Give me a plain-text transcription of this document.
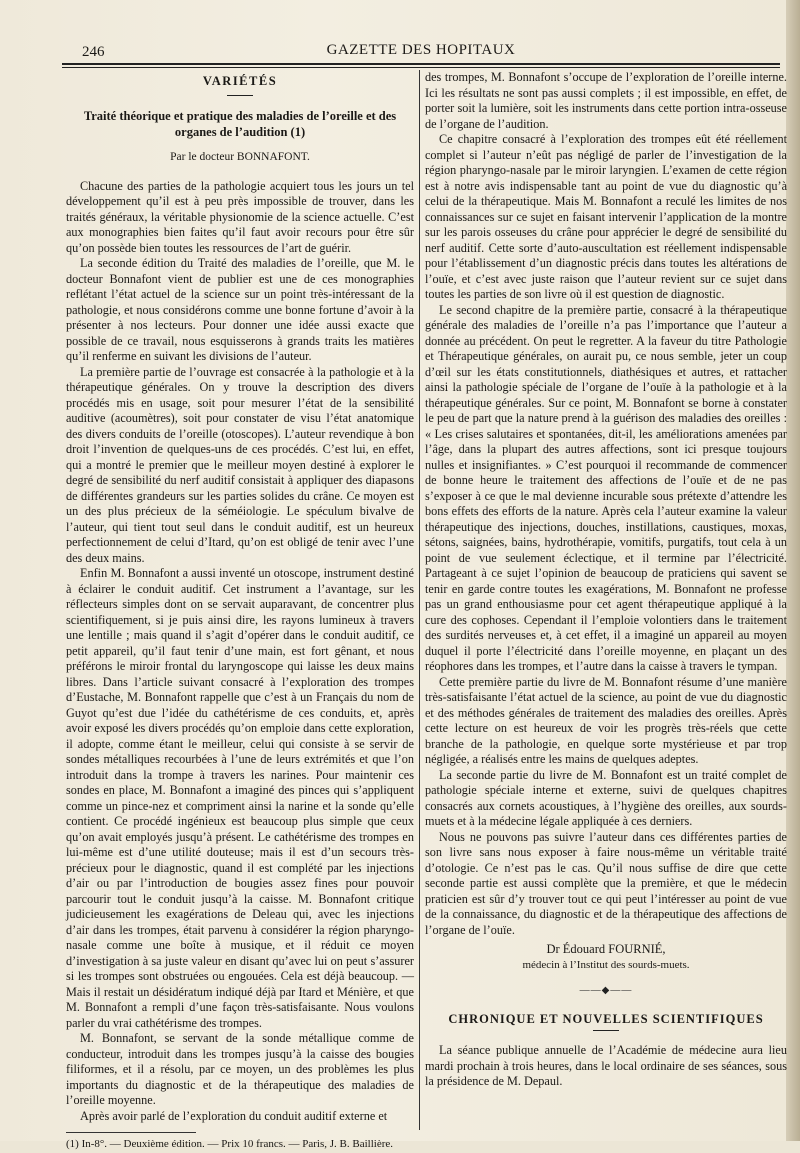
246	GAZETTE DES HOPITAUX
VARIÉTÉS

Traité théorique et pratique des maladies de l’oreille et des organes de l’audition (1)

Par le docteur BONNAFONT.

Chacune des parties de la pathologie acquiert tous les jours un tel développement qu’il est à peu près impossible de trouver, dans les traités généraux, la véritable physionomie de la science actuelle. C’est aux monographies bien faites qu’il faut avoir recours pour être sûr qu’on possède bien toutes les ressources de l’art de guérir.

La seconde édition du Traité des maladies de l’oreille, que M. le docteur Bonnafont vient de publier est une de ces monographies reflétant l’état actuel de la science sur un point très-intéressant de la pathologie, et nous considérons comme une bonne fortune d’avoir à la présenter à nos lecteurs. Pour donner une idée aussi exacte que possible de ce travail, nous esquisserons à grands traits les matières qu’il renferme en suivant les divisions de l’auteur.

La première partie de l’ouvrage est consacrée à la pathologie et à la thérapeutique générales. On y trouve la description des divers procédés mis en usage, soit pour mesurer l’état de la sensibilité auditive (acoumètres), soit pour constater de visu l’état anatomique des divers conduits de l’oreille (otoscopes). L’auteur revendique à bon droit l’invention de quelques-uns de ces procédés. C’est lui, en effet, qui a montré le premier que le meilleur moyen destiné à explorer le degré de sensibilité du nerf auditif consistait à appliquer des diapasons de différentes grandeurs sur les parties solides du crâne. Ce moyen est un des plus précieux de la séméiologie. Le spéculum bivalve de l’auteur, qui tient tout seul dans le conduit auditif, est un heureux perfectionnement de celui d’Itard, qu’on est obligé de tenir avec l’une des deux mains.

Enfin M. Bonnafont a aussi inventé un otoscope, instrument destiné à éclairer le conduit auditif. Cet instrument a l’avantage, sur les réflecteurs simples dont on se servait auparavant, de concentrer plus scientifiquement, si je puis ainsi dire, les rayons lumineux à travers une lentille ; mais quand il s’agit d’opérer dans le conduit auditif, ce petit appareil, qu’il faut tenir d’une main, est fort gênant, et nous préférons le miroir frontal du laryngoscope qui laisse les deux mains libres. Dans l’article suivant consacré à l’exploration des trompes d’Eustache, M. Bonnafont rappelle que c’est à un Français du nom de Guyot qu’est due l’idée du cathétérisme de ces conduits, et, après avoir exposé les divers procédés qu’on emploie dans cette exploration, il adopte, comme étant le meilleur, celui qui consiste à se servir de sondes métalliques recourbées à l’une de leurs extrémités et que l’on introduit dans la trompe à travers les narines. Pour maintenir ces sondes en place, M. Bonnafont a imaginé des pinces qui s’appliquent comme un pince-nez et compriment ainsi la narine et la sonde qu’elle contient. Ce procédé ingénieux est beaucoup plus simple que ceux qu’on avait employés jusqu’à présent. Le cathétérisme des trompes en lui-même est d’une utilité douteuse; mais il est d’un secours très-précieux pour le diagnostic, quand il est complété par les injections d’air ou par l’introduction de bougies assez fines pour pouvoir parcourir tout le conduit jusqu’à la caisse. M. Bonnafont critique judicieusement les exagérations de Deleau qui, avec les injections d’air dans les trompes, était parvenu à considérer la région pharyngo-nasale comme une boîte à musique, et il réduit ce moyen d’investigation à sa juste valeur en disant qu’avec lui on peut s’assurer si les trompes sont obstruées ou engouées. Cela est déjà beaucoup. — Mais il restait un désidératum indiqué déjà par Itard et Ménière, et que M. Bonnafont a rempli d’une façon très-satisfaisante. Nous voulons parler du vrai cathétérisme des trompes.

M. Bonnafont, se servant de la sonde métallique comme de conducteur, introduit dans les trompes jusqu’à la caisse des bougies filiformes, et il a résolu, par ce moyen, un des problèmes les plus importants du diagnostic et de la thérapeutique des maladies de l’oreille moyenne.

Après avoir parlé de l’exploration du conduit auditif externe et

(1) In-8°. — Deuxième édition. — Prix 10 francs. — Paris, J. B. Baillière.

des trompes, M. Bonnafont s’occupe de l’exploration de l’oreille interne. Ici les résultats ne sont pas aussi complets ; il est impossible, en effet, de porter soit la lumière, soit les instruments dans cette portion intra-osseuse de l’organe de l’audition.

Ce chapitre consacré à l’exploration des trompes eût été réellement complet si l’auteur n’eût pas négligé de parler de l’investigation de la région pharyngo-nasale par le miroir laryngien. L’examen de cette région est à notre avis indispensable tant au point de vue du diagnostic qu’à celui de la thérapeutique. Mais M. Bonnafont a reculé les limites de nos connaissances sur ce sujet en faisant intervenir l’application de la montre sur les parois osseuses du crâne pour apprécier le degré de sensibilité du nerf auditif. Cette sorte d’auto-auscultation est réellement indispensable pour l’établissement d’un diagnostic précis dans toutes les altérations de l’ouïe, et c’est avec juste raison que l’auteur revient sur ce sujet dans toutes les parties de son livre où il est question de diagnostic.

Le second chapitre de la première partie, consacré à la thérapeutique générale des maladies de l’oreille n’a pas l’importance que l’auteur a donnée au précédent. On peut le regretter. A la faveur du titre Pathologie et Thérapeutique générales, on aurait pu, ce nous semble, jeter un coup d’œil sur les états constitutionnels, diathésiques et autres, et rattacher ainsi la pathologie spéciale de l’organe de l’ouïe à la pathologie et à la thérapeutique générales. Sur ce point, M. Bonnafont se borne à constater le peu de part que la nature prend à la guérison des maladies des oreilles : « Les crises salutaires et spontanées, dit-il, les améliorations amenées par l’âge, dans la plupart des autres affections, sont ici presque toujours nulles et insignifiantes. » C’est pourquoi il recommande de commencer de bonne heure le traitement des affections de l’ouïe et de ne pas s’exposer à ce que le mal devienne incurable sous prétexte d’attendre les bons effets des efforts de la nature. Après cela l’auteur examine la valeur thérapeutique des injections, douches, instillations, caustiques, moxas, sétons, saignées, bains, hydrothérapie, vomitifs, purgatifs, tout cela à un point de vue seulement éclectique, et il termine par l’électricité. Partageant à ce sujet l’opinion de beaucoup de praticiens qui savent se tenir en garde contre toutes les exagérations, M. Bonnafont ne professe pas un grand enthousiasme pour cet agent thérapeutique appliqué à la cure des cophoses. Cependant il l’emploie volontiers dans le traitement des surdités nerveuses et, à cet effet, il a imaginé un appareil au moyen duquel il porte l’électricité dans l’oreille moyenne, en plaçant un des réophores dans les trompes, et l’autre dans la caisse à travers le tympan.

Cette première partie du livre de M. Bonnafont résume d’une manière très-satisfaisante l’état actuel de la science, au point de vue du diagnostic et des méthodes générales de traitement des maladies des oreilles. Après cette lecture on est heureux de voir les progrès très-réels que cette branche de la pathologie, en quelque sorte mystérieuse et par trop négligée, a réalisés entre les mains de quelques adeptes.

La seconde partie du livre de M. Bonnafont est un traité complet de pathologie spéciale interne et externe, suivi de quelques chapitres consacrés aux cornets acoustiques, à l’hygiène des oreilles, aux sourds-muets et à la médecine légale appliquée à ces derniers.

Nous ne pouvons pas suivre l’auteur dans ces différentes parties de son livre sans nous exposer à faire nous-même un véritable traité d’otologie. Ce n’est pas le cas. Qu’il nous suffise de dire que cette seconde partie est aussi complète que la première, et que le médecin praticien est sûr d’y trouver tout ce qui peut l’intéresser au point de vue de la connaissance, du diagnostic et de la thérapeutique des affections de l’organe de l’ouïe.

Dr Édouard FOURNIÉ,

médecin à l’Institut des sourds-muets.

——◆——
CHRONIQUE ET NOUVELLES SCIENTIFIQUES

La séance publique annuelle de l’Académie de médecine aura lieu mardi prochain à trois heures, dans le local ordinaire de ses séances, sous la présidence de M. Depaul.
